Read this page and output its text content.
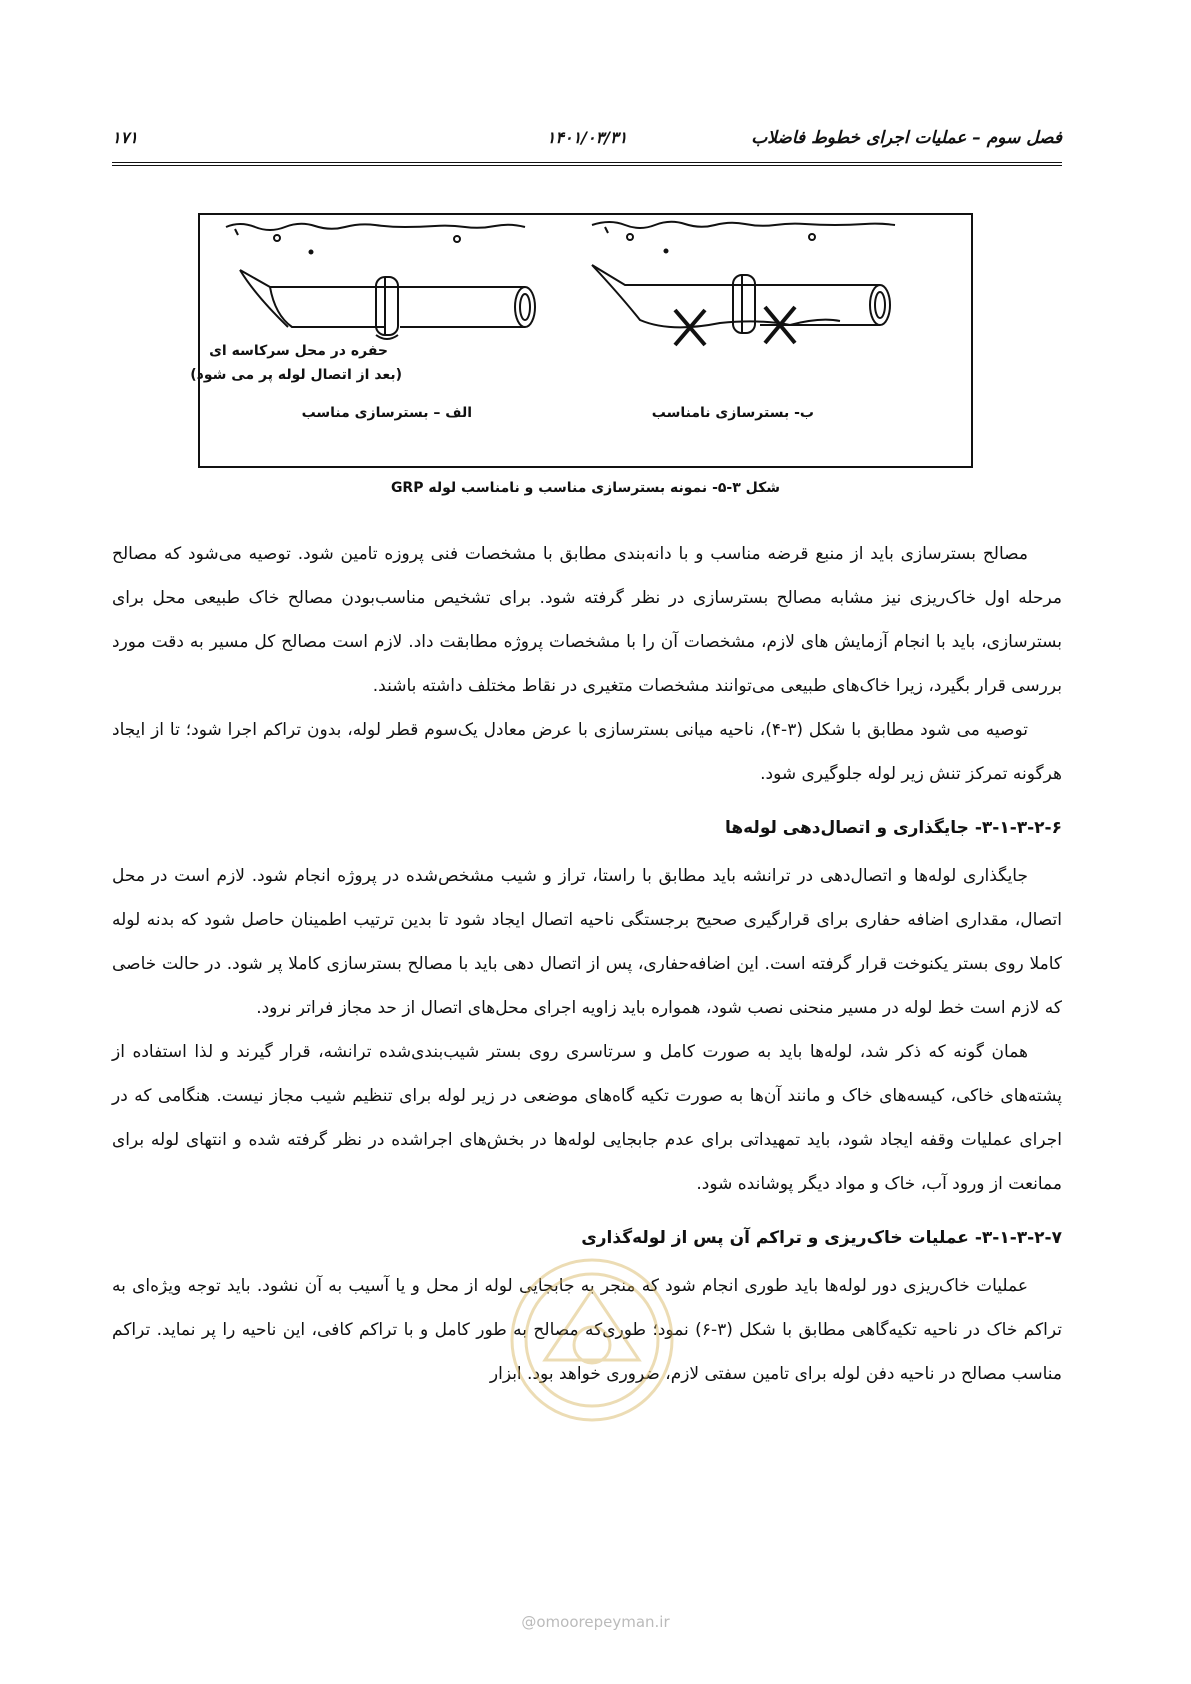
فصل سوم – عملیات اجرای خطوط فاضلاب
۱۴۰۱/۰۳/۳۱
۱۷۱
حفره در محل سرکاسه ای
(بعد از اتصال لوله پر می شود)
الف – بسترسازی مناسب	ب- بسترسازی نامناسب
شکل ۳-۵- نمونه بسترسازی مناسب و نامناسب لوله GRP

مصالح بسترسازی باید از منبع قرضه مناسب و با دانه‌بندی مطابق با مشخصات فنی پروزه تامین شود. توصیه می‌شود که مصالح مرحله اول خاک‌ریزی نیز مشابه مصالح بسترسازی در نظر گرفته شود. برای تشخیص مناسب‌بودن مصالح خاک طبیعی محل برای بسترسازی، باید با انجام آزمایش های لازم، مشخصات آن را با مشخصات پروژه مطابقت داد. لازم است مصالح کل مسیر به دقت مورد بررسی قرار بگیرد، زیرا خاک‌های طبیعی می‌توانند مشخصات متغیری در نقاط مختلف داشته باشند.

توصیه می شود مطابق با شکل (۳-۴)، ناحیه میانی بسترسازی با عرض معادل یک‌سوم قطر لوله، بدون تراکم اجرا شود؛ تا از ایجاد هرگونه تمرکز تنش زیر لوله جلوگیری شود.

۳-۱-۳-۲-۶- جایگذاری و اتصال‌دهی لوله‌ها

جایگذاری لوله‌ها و اتصال‌دهی در ترانشه باید مطابق با راستا، تراز و شیب مشخص‌شده در پروژه انجام شود. لازم است در محل اتصال، مقداری اضافه حفاری برای قرارگیری صحیح برجستگی ناحیه اتصال ایجاد شود تا بدین ترتیب اطمینان حاصل شود که بدنه لوله کاملا روی بستر یکنوخت قرار گرفته است. این اضافه‌حفاری، پس از اتصال دهی باید با مصالح بسترسازی کاملا پر شود. در حالت خاصی که لازم است خط لوله در مسیر منحنی نصب شود، همواره باید زاویه اجرای محل‌های اتصال از حد مجاز فراتر نرود.

همان گونه که ذکر شد، لوله‌ها باید به صورت کامل و سرتاسری روی بستر شیب‌بندی‌شده ترانشه، قرار گیرند و لذا استفاده از پشته‌های خاکی، کیسه‌های خاک و مانند آن‌ها به صورت تکیه گاه‌های موضعی در زیر لوله برای تنظیم شیب مجاز نیست. هنگامی که در اجرای عملیات وقفه ایجاد شود، باید تمهیداتی برای عدم جابجایی لوله‌ها در بخش‌های اجراشده در نظر گرفته شده و انتهای لوله برای ممانعت از ورود آب، خاک و مواد دیگر پوشانده شود.

۳-۱-۳-۲-۷- عملیات خاک‌ریزی و تراکم آن پس از لوله‌گذاری

عملیات خاک‌ریزی دور لوله‌ها باید طوری انجام شود که منجر به جابجایی لوله از محل و یا آسیب به آن نشود. باید توجه ویژه‌ای به تراکم خاک در ناحیه تکیه‌گاهی مطابق با شکل (۳-۶) نمود؛ طوری‌که مصالح به طور کامل و با تراکم کافی، این ناحیه را پر نماید. تراکم مناسب مصالح در ناحیه دفن لوله برای تامین سفتی لازم، ضروری خواهد بود. ابزار

@omoorepeyman.ir
